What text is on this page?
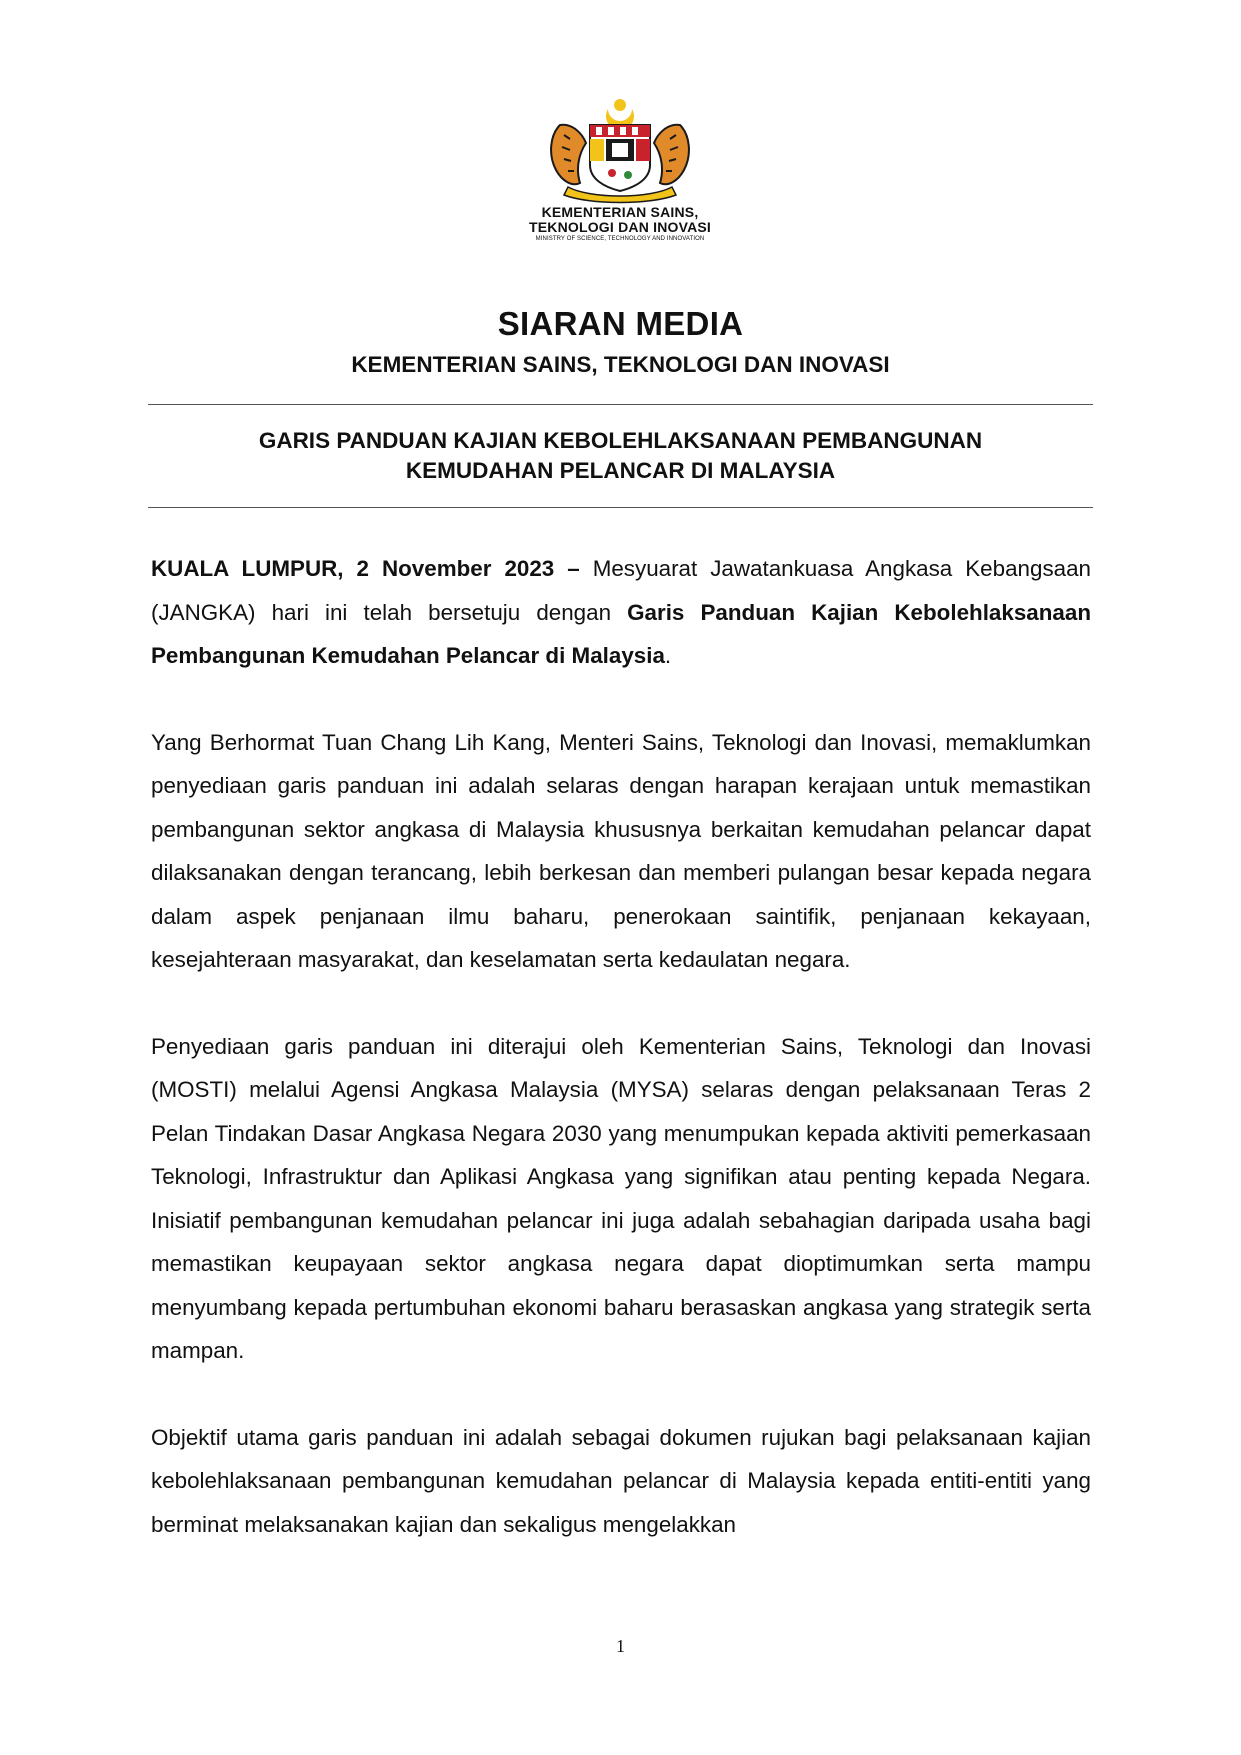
KEMENTERIAN SAINS,
TEKNOLOGI DAN INOVASI
MINISTRY OF SCIENCE, TECHNOLOGY AND INNOVATION
SIARAN MEDIA
KEMENTERIAN SAINS, TEKNOLOGI DAN INOVASI
GARIS PANDUAN KAJIAN KEBOLEHLAKSANAAN PEMBANGUNAN
KEMUDAHAN PELANCAR DI MALAYSIA

KUALA LUMPUR, 2 November 2023 – Mesyuarat Jawatankuasa Angkasa Kebangsaan (JANGKA) hari ini telah bersetuju dengan Garis Panduan Kajian Kebolehlaksanaan Pembangunan Kemudahan Pelancar di Malaysia.

Yang Berhormat Tuan Chang Lih Kang, Menteri Sains, Teknologi dan Inovasi, memaklumkan penyediaan garis panduan ini adalah selaras dengan harapan kerajaan untuk memastikan pembangunan sektor angkasa di Malaysia khususnya berkaitan kemudahan pelancar dapat dilaksanakan dengan terancang, lebih berkesan dan memberi pulangan besar kepada negara dalam aspek penjanaan ilmu baharu, penerokaan saintifik, penjanaan kekayaan, kesejahteraan masyarakat, dan keselamatan serta kedaulatan negara.

Penyediaan garis panduan ini diterajui oleh Kementerian Sains, Teknologi dan Inovasi (MOSTI) melalui Agensi Angkasa Malaysia (MYSA) selaras dengan pelaksanaan Teras 2 Pelan Tindakan Dasar Angkasa Negara 2030 yang menumpukan kepada aktiviti pemerkasaan Teknologi, Infrastruktur dan Aplikasi Angkasa yang signifikan atau penting kepada Negara. Inisiatif pembangunan kemudahan pelancar ini juga adalah sebahagian daripada usaha bagi memastikan keupayaan sektor angkasa negara dapat dioptimumkan serta mampu menyumbang kepada pertumbuhan ekonomi baharu berasaskan angkasa yang strategik serta mampan.

Objektif utama garis panduan ini adalah sebagai dokumen rujukan bagi pelaksanaan kajian kebolehlaksanaan pembangunan kemudahan pelancar di Malaysia kepada entiti-entiti yang berminat melaksanakan kajian dan sekaligus mengelakkan

1
